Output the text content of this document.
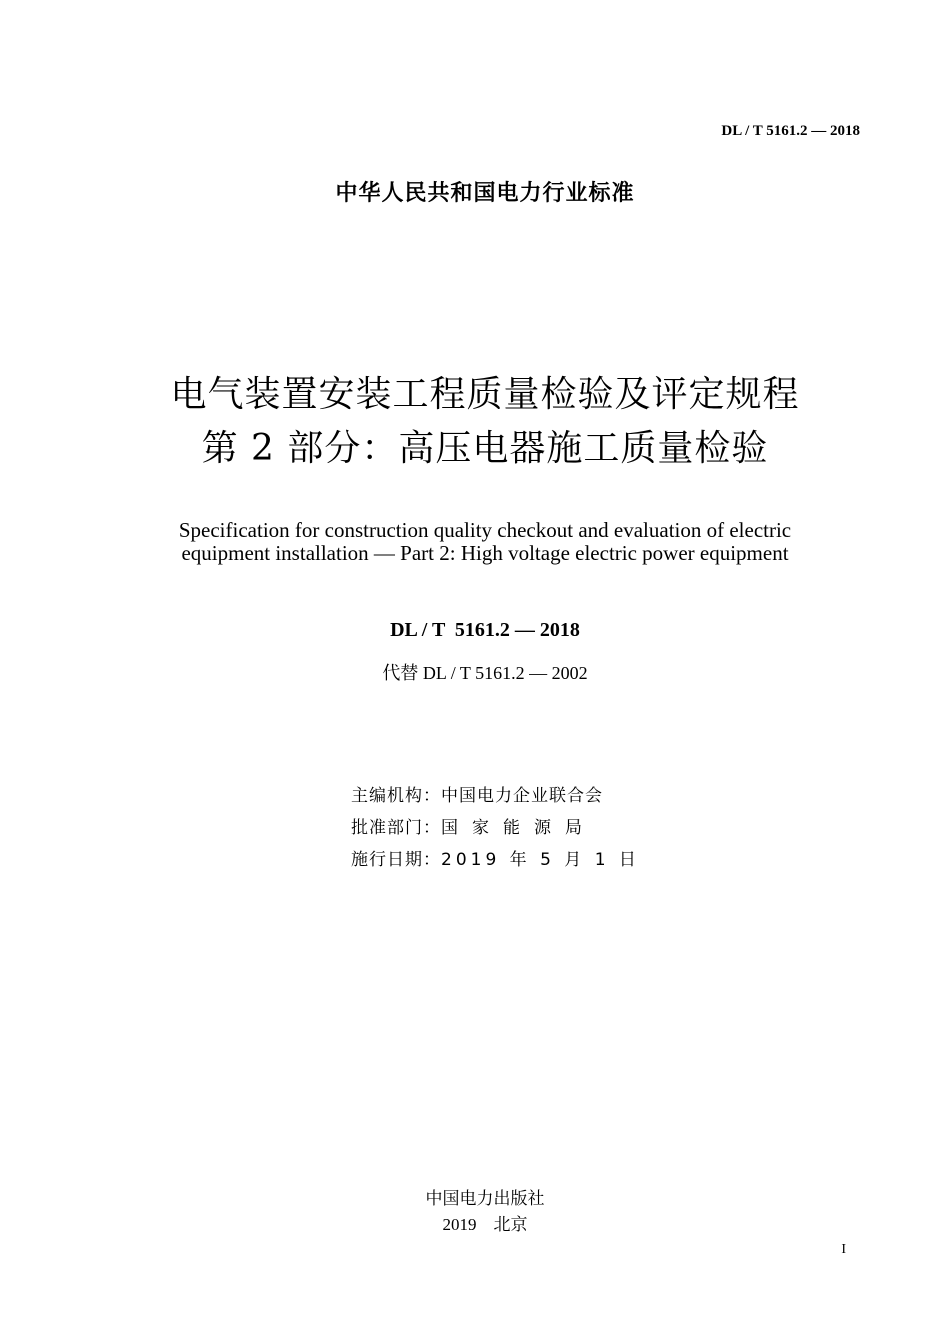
DL / T 5161.2 — 2018
中华人民共和国电力行业标准
电气装置安装工程质量检验及评定规程
第 2 部分：高压电器施工质量检验
Specification for construction quality checkout and evaluation of electric
equipment installation — Part 2: High voltage electric power equipment
DL / T  5161.2 — 2018
代替 DL / T 5161.2 — 2002
主编机构：中国电力企业联合会
批准部门：国家能源局
施行日期：2019 年 5 月 1 日
中国电力出版社
2019    北京
I
